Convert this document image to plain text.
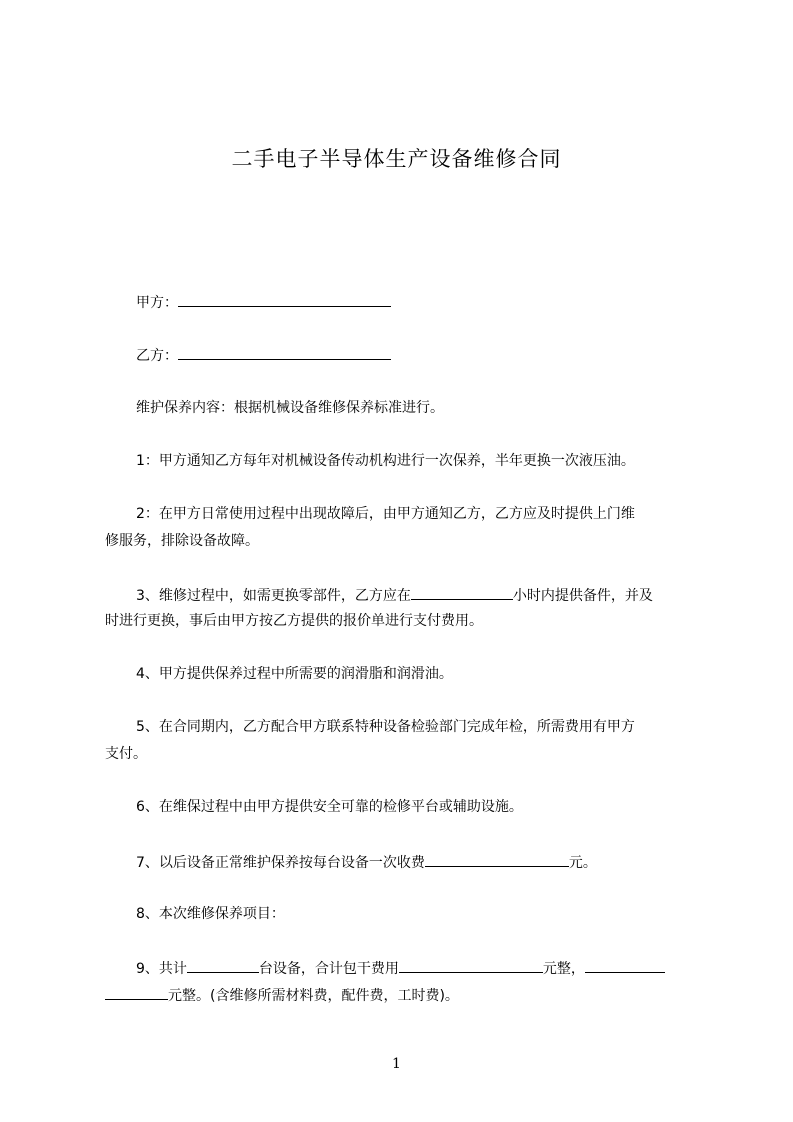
二手电子半导体生产设备维修合同
甲方：
乙方：
维护保养内容：根据机械设备维修保养标准进行。
1：甲方通知乙方每年对机械设备传动机构进行一次保养，半年更换一次液压油。
2：在甲方日常使用过程中出现故障后，由甲方通知乙方，乙方应及时提供上门维
修服务，排除设备故障。
3、维修过程中，如需更换零部件，乙方应在	小时内提供备件，并及
时进行更换，事后由甲方按乙方提供的报价单进行支付费用。
4、甲方提供保养过程中所需要的润滑脂和润滑油。
5、在合同期内，乙方配合甲方联系特种设备检验部门完成年检，所需费用有甲方
支付。
6、在维保过程中由甲方提供安全可靠的检修平台或辅助设施。
7、以后设备正常维护保养按每台设备一次收费	元。
8、本次维修保养项目：
9、共计	台设备，合计包干费用	元整，
元整。(含维修所需材料费，配件费，工时费)。
1
